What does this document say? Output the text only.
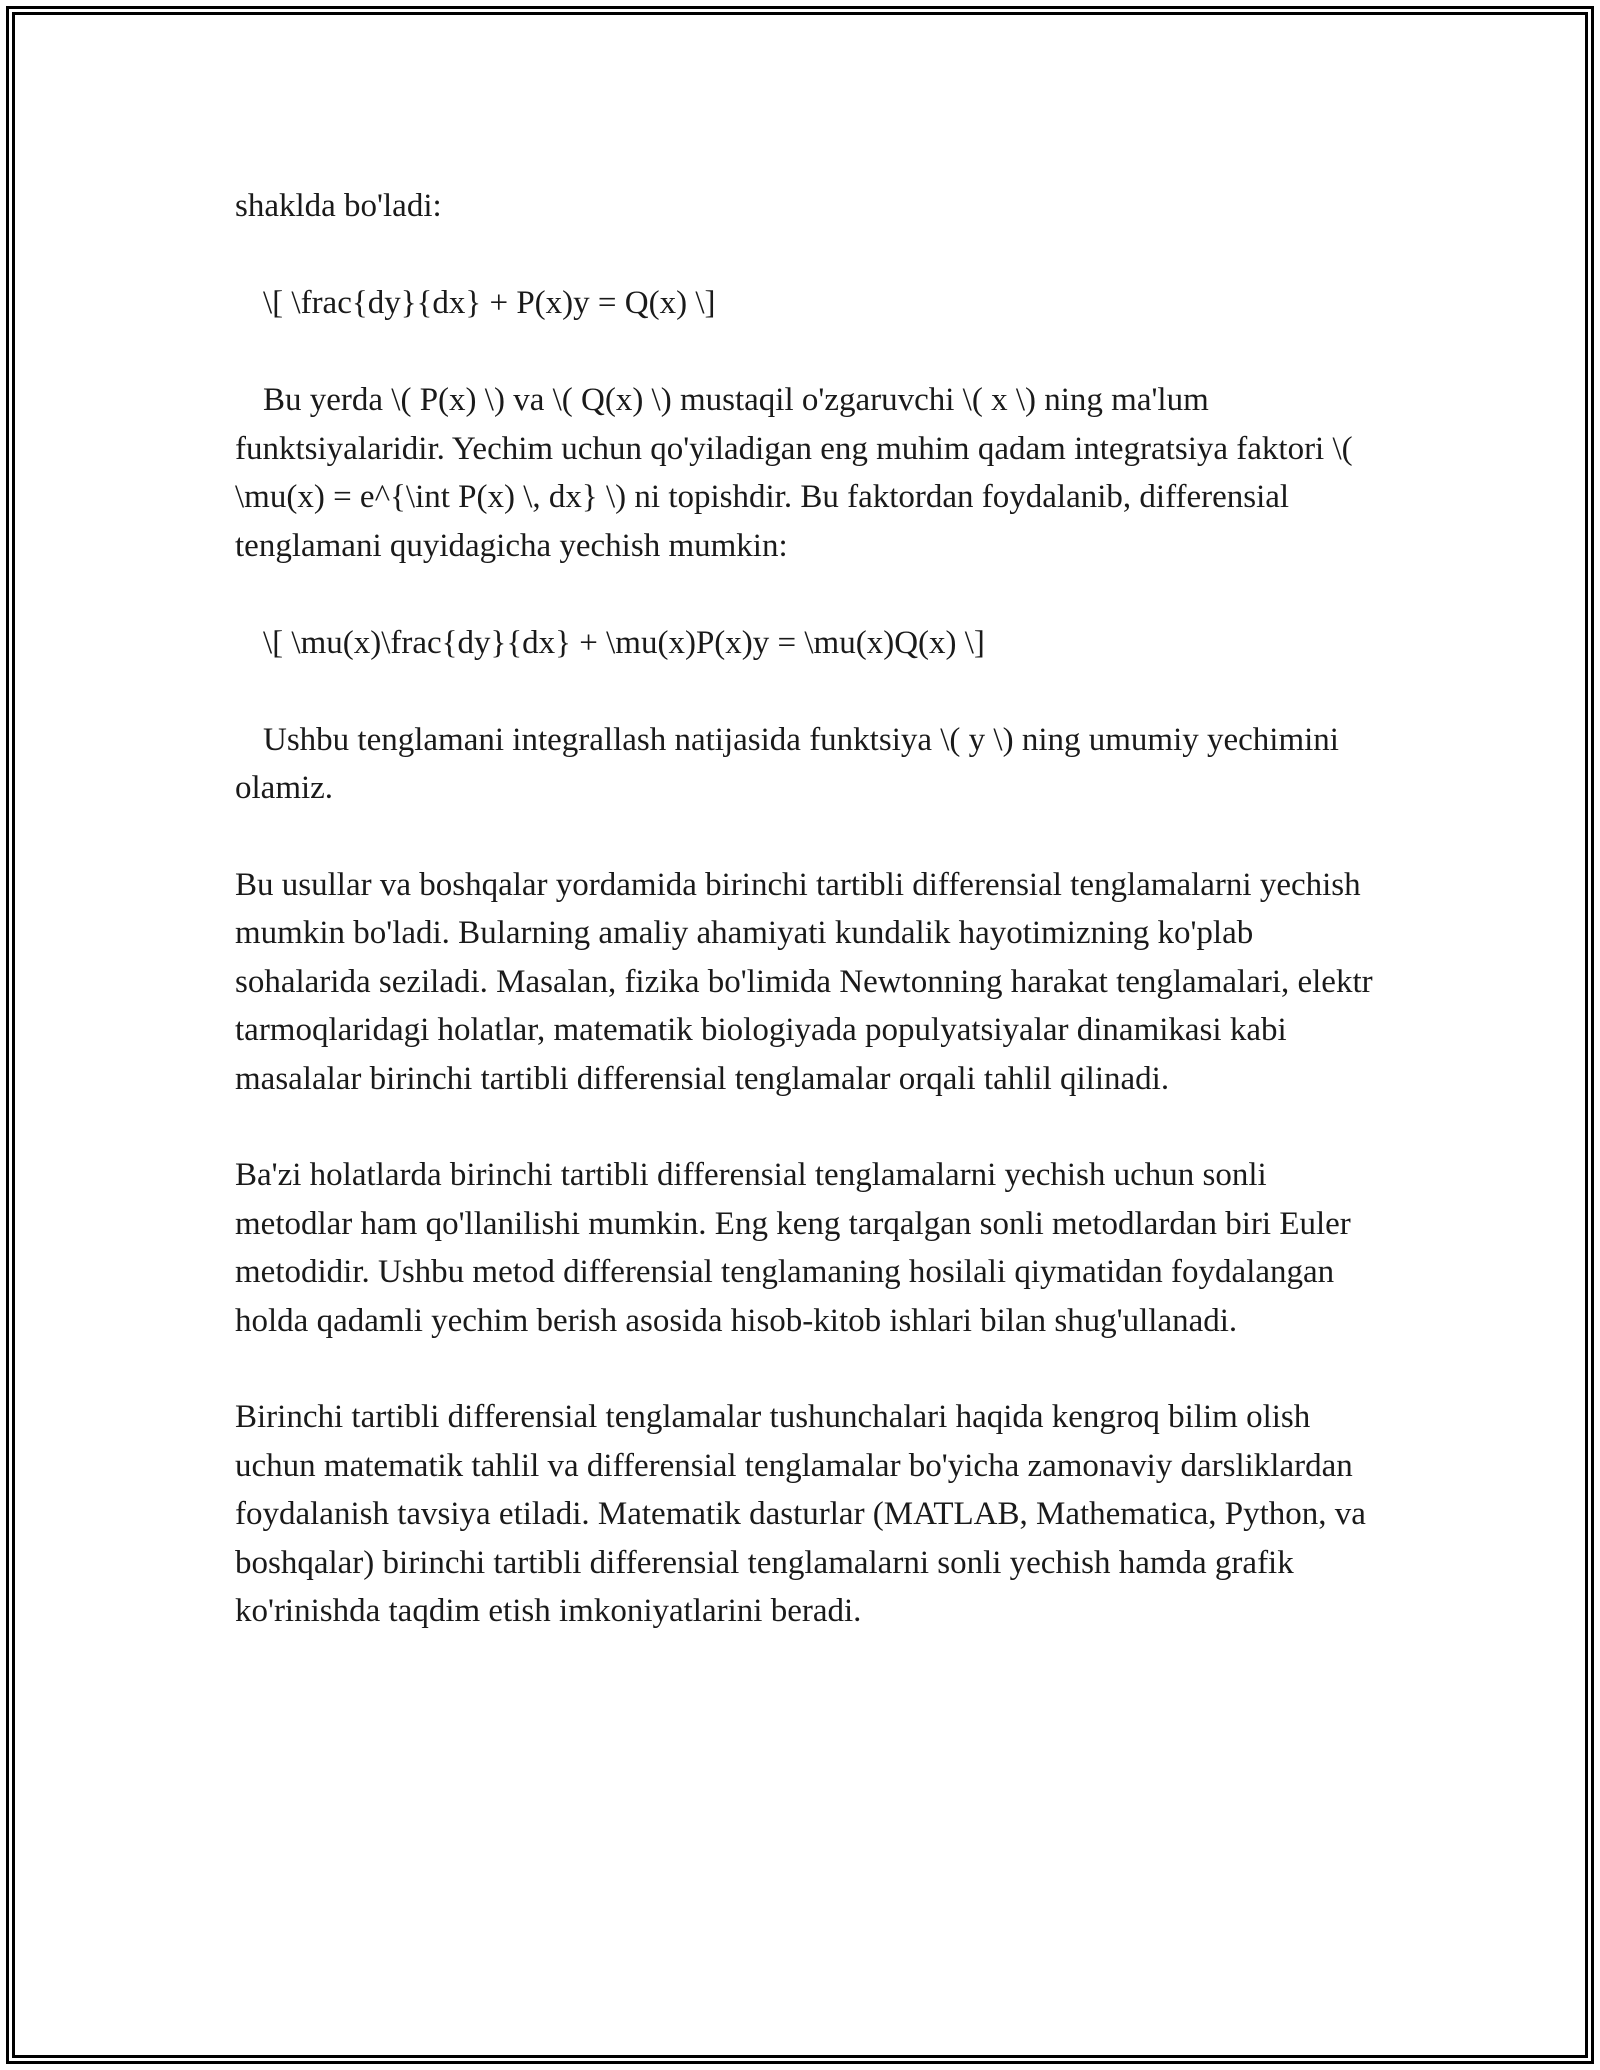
shakldа bo'ladi:

\[ \frac{dy}{dx} + P(x)y = Q(x) \]

Bu yerda \( P(x) \) va \( Q(x) \) mustaqil o'zgaruvchi \( x \) ning ma'lum funktsiyalaridir. Yechim uchun qo'yiladigan eng muhim qadam integratsiya faktori \( \mu(x) = e^{\int P(x) \, dx} \) ni topishdir. Bu faktordan foydalanib, differensial tenglamani quyidagicha yechish mumkin:

\[ \mu(x)\frac{dy}{dx} + \mu(x)P(x)y = \mu(x)Q(x) \]

Ushbu tenglamani integrallash natijasida funktsiya \( y \) ning umumiy yechimini olamiz.

Bu usullar va boshqalar yordamida birinchi tartibli differensial tenglamalarni yechish mumkin bo'ladi. Bularning amaliy ahamiyati kundalik hayotimizning ko'plab sohalarida seziladi. Masalan, fizika bo'limida Newtonning harakat tenglamalari, elektr tarmoqlaridagi holatlar, matematik biologiyada populyatsiyalar dinamikasi kabi masalalar birinchi tartibli differensial tenglamalar orqali tahlil qilinadi.

Ba'zi holatlarda birinchi tartibli differensial tenglamalarni yechish uchun sonli metodlar ham qo'llanilishi mumkin. Eng keng tarqalgan sonli metodlardan biri Euler metodidir. Ushbu metod differensial tenglamaning hosilali qiymatidan foydalangan holda qadamli yechim berish asosida hisob-kitob ishlari bilan shug'ullanadi.

Birinchi tartibli differensial tenglamalar tushunchalari haqida kengroq bilim olish uchun matematik tahlil va differensial tenglamalar bo'yicha zamonaviy darsliklardan foydalanish tavsiya etiladi. Matematik dasturlar (MATLAB, Mathematica, Python, va boshqalar) birinchi tartibli differensial tenglamalarni sonli yechish hamda grafik ko'rinishda taqdim etish imkoniyatlarini beradi.
